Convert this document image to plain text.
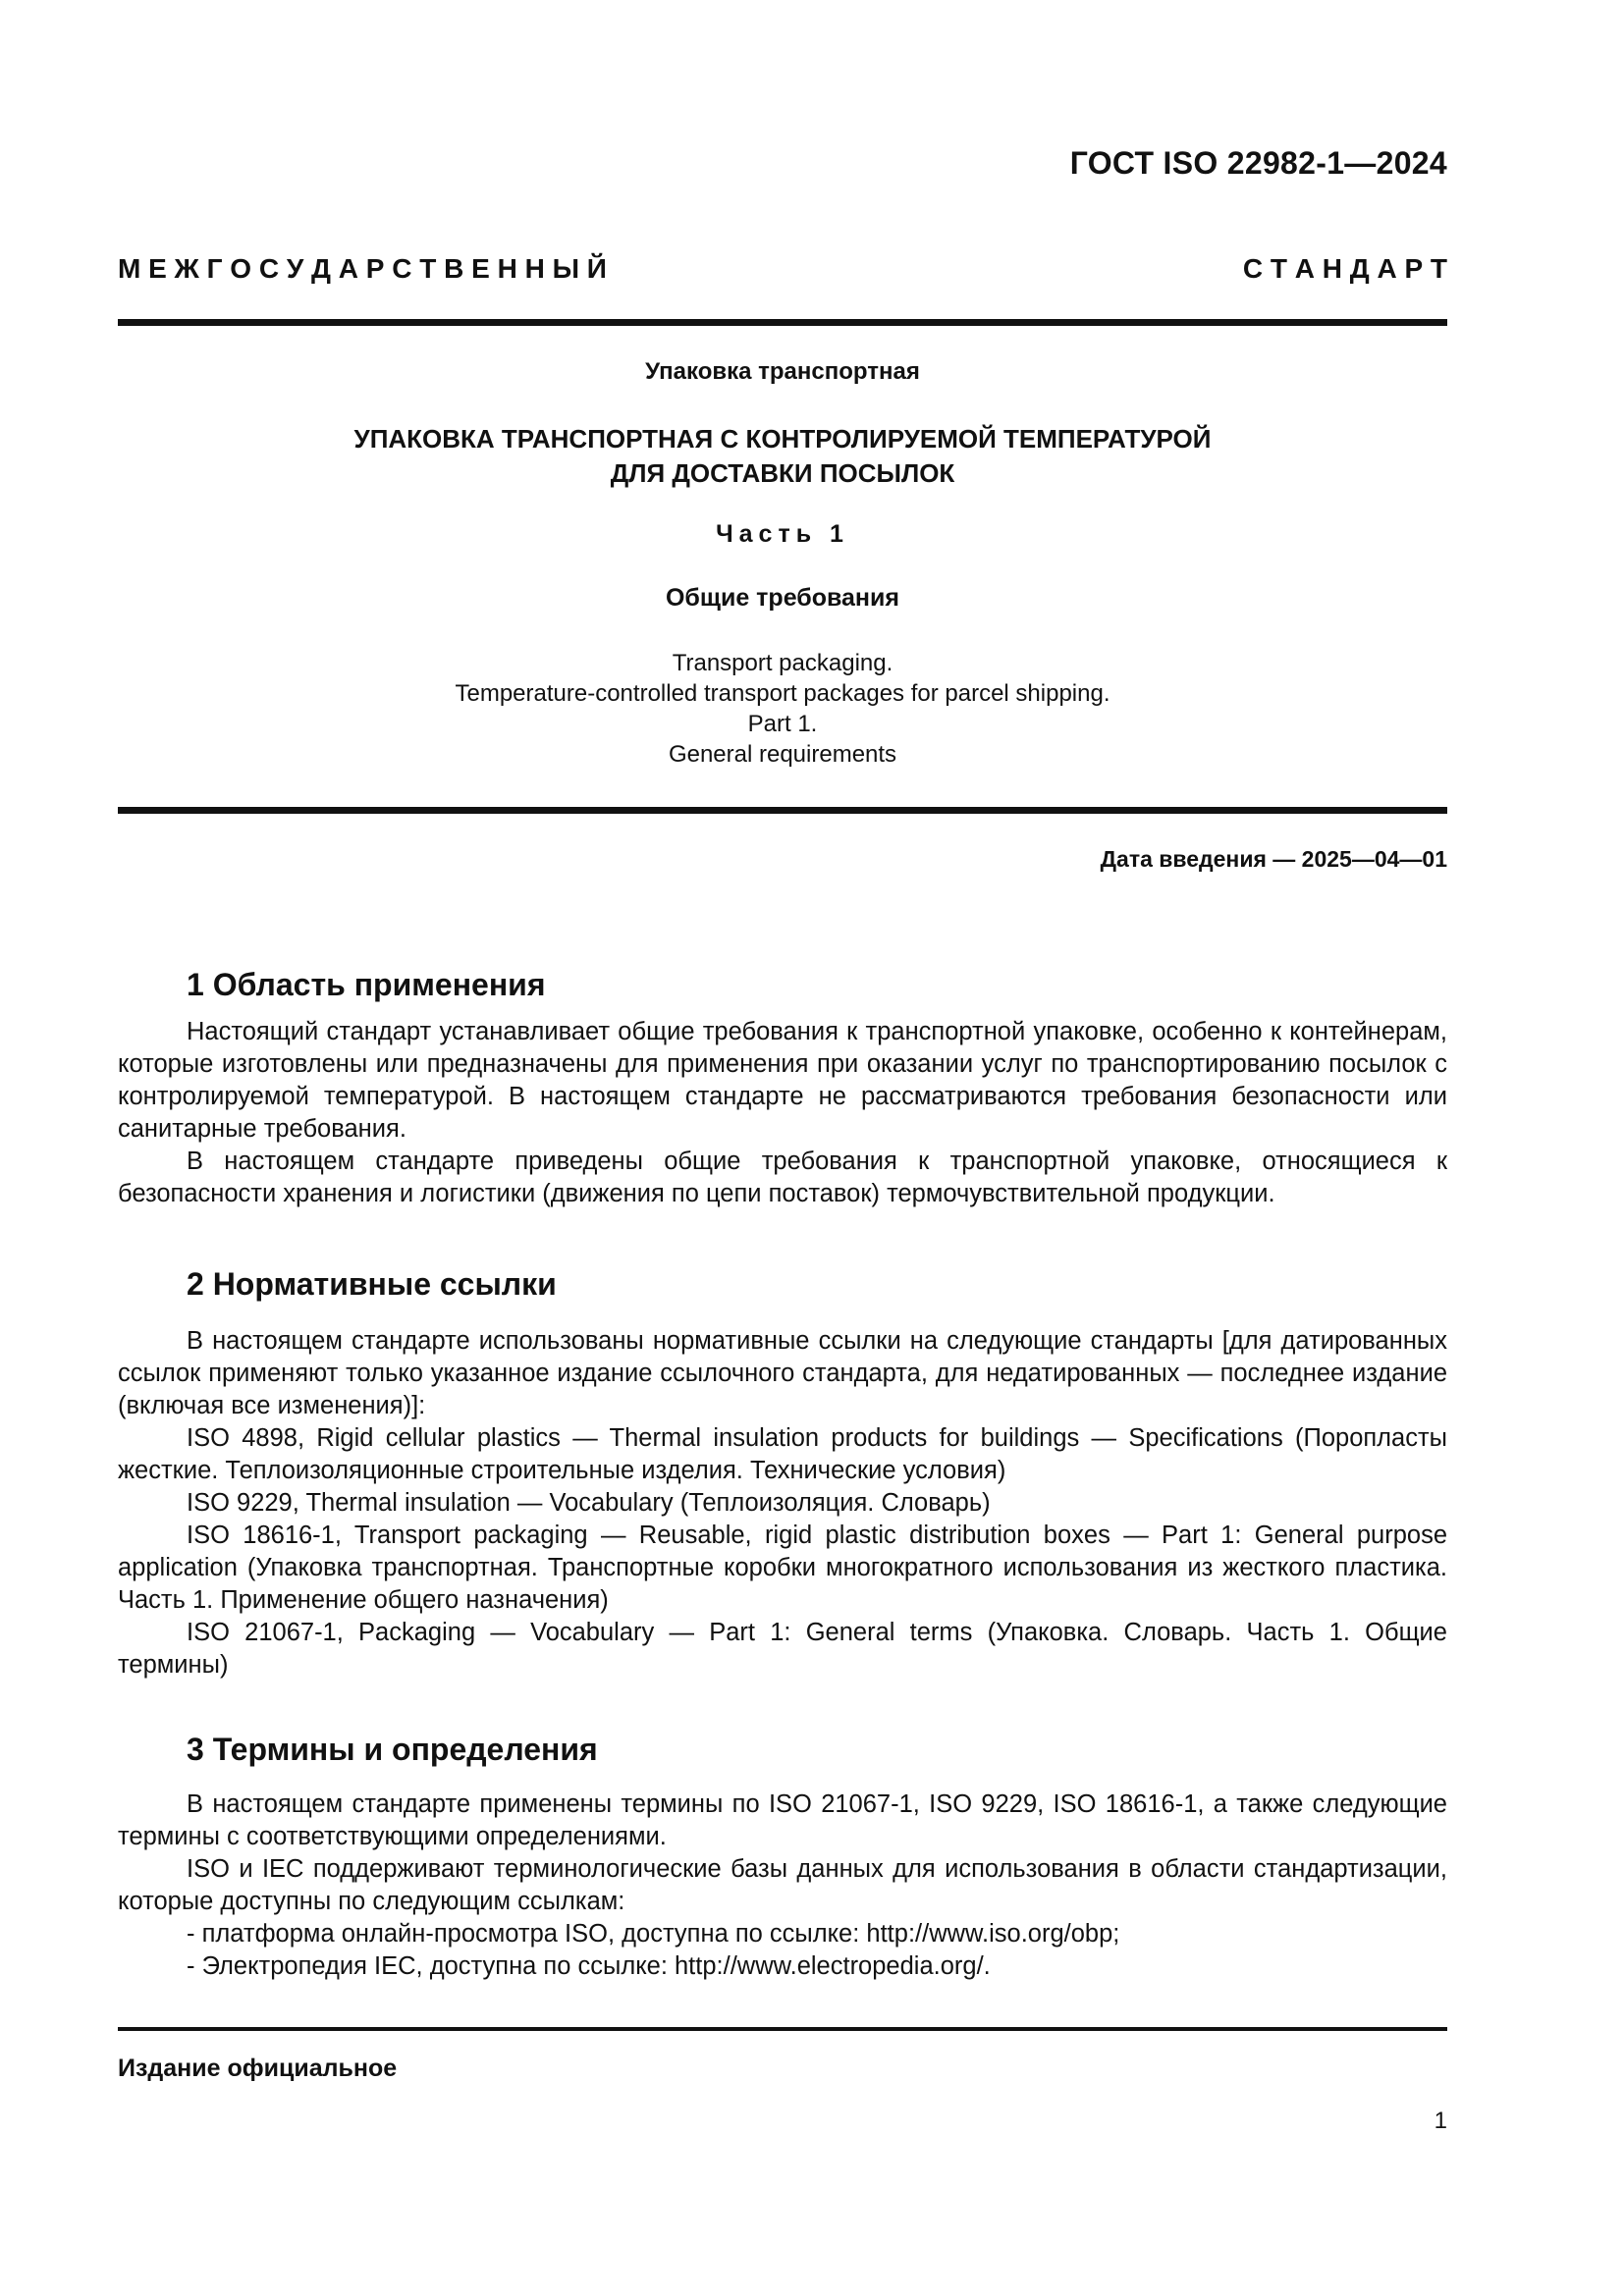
ГОСТ ISO 22982-1—2024
М Е Ж Г О С У Д А Р С Т В Е Н Н Ы Й	С Т А Н Д А Р Т
Упаковка транспортная
УПАКОВКА ТРАНСПОРТНАЯ С КОНТРОЛИРУЕМОЙ ТЕМПЕРАТУРОЙ
ДЛЯ ДОСТАВКИ ПОСЫЛОК
Часть 1
Общие требования
Transport packaging.
Temperature-controlled transport packages for parcel shipping.
Part 1.
General requirements
Дата введения — 2025—04—01
1 Область применения

Настоящий стандарт устанавливает общие требования к транспортной упаковке, особенно к контейнерам, которые изготовлены или предназначены для применения при оказании услуг по транспортированию посылок с контролируемой температурой. В настоящем стандарте не рассматриваются требования безопасности или санитарные требования.

В настоящем стандарте приведены общие требования к транспортной упаковке, относящиеся к безопасности хранения и логистики (движения по цепи поставок) термочувствительной продукции.

2 Нормативные ссылки

В настоящем стандарте использованы нормативные ссылки на следующие стандарты [для датированных ссылок применяют только указанное издание ссылочного стандарта, для недатированных — последнее издание (включая все изменения)]:

ISO 4898, Rigid cellular plastics — Thermal insulation products for buildings — Specifications (Поропласты жесткие. Теплоизоляционные строительные изделия. Технические условия)

ISO 9229, Thermal insulation — Vocabulary (Теплоизоляция. Словарь)

ISO 18616-1, Transport packaging — Reusable, rigid plastic distribution boxes — Part 1: General purpose application (Упаковка транспортная. Транспортные коробки многократного использования из жесткого пластика. Часть 1. Применение общего назначения)

ISO 21067-1, Packaging — Vocabulary — Part 1: General terms (Упаковка. Словарь. Часть 1. Общие термины)

3 Термины и определения

В настоящем стандарте применены термины по ISO 21067-1, ISO 9229, ISO 18616-1, а также следующие термины с соответствующими определениями.

ISO и IEC поддерживают терминологические базы данных для использования в области стандартизации, которые доступны по следующим ссылкам:

- платформа онлайн-просмотра ISO, доступна по ссылке: http://www.iso.org/obp;

- Электропедия IEC, доступна по ссылке: http://www.electropedia.org/.

Издание официальное
1
